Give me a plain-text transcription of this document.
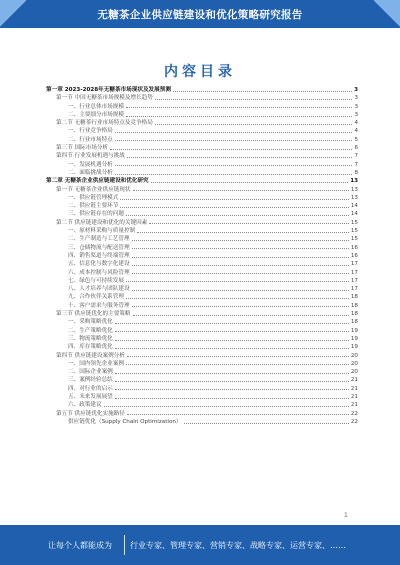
无糖茶企业供应链建设和优化策略研究报告
内容目录
第一章 2023-2028年无糖茶市场现状及发展预测	3
第一节 中国无糖茶市场规模及增长趋势	3
一、行业总体市场规模	3
二、主要细分市场规模	3
第二节 无糖茶行业市场特点及竞争格局	4
一、行业竞争格局	4
二、行业市场特点	5
第三节 国际市场分析	6
第四节 行业发展机遇与挑战	7
一、发展机遇分析	7
二、面临挑战分析	8
第二章 无糖茶企业供应链建设和优化研究	13
第一节 无糖茶企业供应链现状	13
一、供应链管理模式	13
二、供应链主要环节	14
三、供应链存在的问题	14
第二节 供应链建设和优化的关键因素	15
一、原材料采购与质量控制	15
二、生产制造与工艺管理	15
三、仓储物流与配送管理	16
四、销售渠道与终端管理	16
五、信息化与数字化建设	17
六、成本控制与风险管理	17
七、绿色与可持续发展	17
八、人才培养与团队建设	17
九、合作伙伴关系管理	18
十、客户需求与服务管理	18
第三节 供应链优化的主要策略	18
一、采购策略优化	18
二、生产策略优化	19
三、物流策略优化	19
四、库存策略优化	19
第四节 供应链建设案例分析	20
一、国内领先企业案例	20
二、国际企业案例	20
三、案例经验总结	21
四、对行业的启示	21
五、未来发展展望	21
六、政策建议	21
第五节 供应链优化实施路径	22
供应链优化（Supply Chain Optimization）	22
1
让每个人都能成为 行业专家、管理专家、营销专家、战略专家、运营专家、……
